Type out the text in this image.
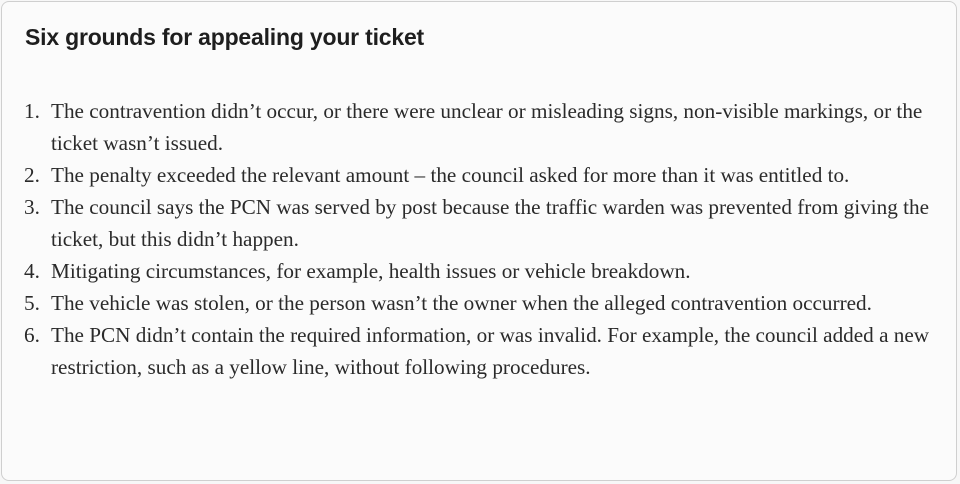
Six grounds for appealing your ticket
1. The contravention didn’t occur, or there were unclear or misleading signs, non-visible markings, or the ticket wasn’t issued.
2. The penalty exceeded the relevant amount – the council asked for more than it was entitled to.
3. The council says the PCN was served by post because the traffic warden was prevented from giving the ticket, but this didn’t happen.
4. Mitigating circumstances, for example, health issues or vehicle breakdown.
5. The vehicle was stolen, or the person wasn’t the owner when the alleged contravention occurred.
6. The PCN didn’t contain the required information, or was invalid. For example, the council added a new restriction, such as a yellow line, without following procedures.
